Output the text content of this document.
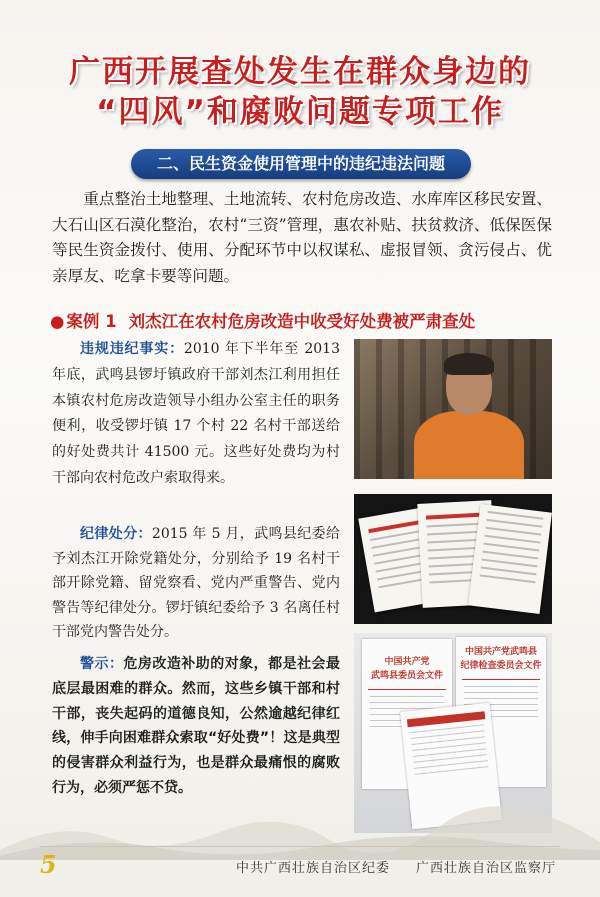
广西开展查处发生在群众身边的
“四风”和腐败问题专项工作
二、民生资金使用管理中的违纪违法问题

重点整治土地整理、土地流转、农村危房改造、水库库区移民安置、大石山区石漠化整治，农村“三资”管理，惠农补贴、扶贫救济、低保医保等民生资金拨付、使用、分配环节中以权谋私、虚报冒领、贪污侵占、优亲厚友、吃拿卡要等问题。

● 案例 1 刘杰江在农村危房改造中收受好处费被严肃查处

违规违纪事实：2010 年下半年至 2013 年底，武鸣县锣圩镇政府干部刘杰江利用担任本镇农村危房改造领导小组办公室主任的职务便利，收受锣圩镇 17 个村 22 名村干部送给的好处费共计 41500 元。这些好处费均为村干部向农村危改户索取得来。

纪律处分：2015 年 5 月，武鸣县纪委给予刘杰江开除党籍处分，分别给予 19 名村干部开除党籍、留党察看、党内严重警告、党内警告等纪律处分。锣圩镇纪委给予 3 名离任村干部党内警告处分。

警示：危房改造补助的对象，都是社会最底层最困难的群众。然而，这些乡镇干部和村干部，丧失起码的道德良知，公然逾越纪律红线，伸手向困难群众索取“好处费”！这是典型的侵害群众利益行为，也是群众最痛恨的腐败行为，必须严惩不贷。

中国共产党
武鸣县委员会文件
中国共产党武鸣县
纪律检查委员会文件
5	中共广西壮族自治区纪委 广西壮族自治区监察厅
